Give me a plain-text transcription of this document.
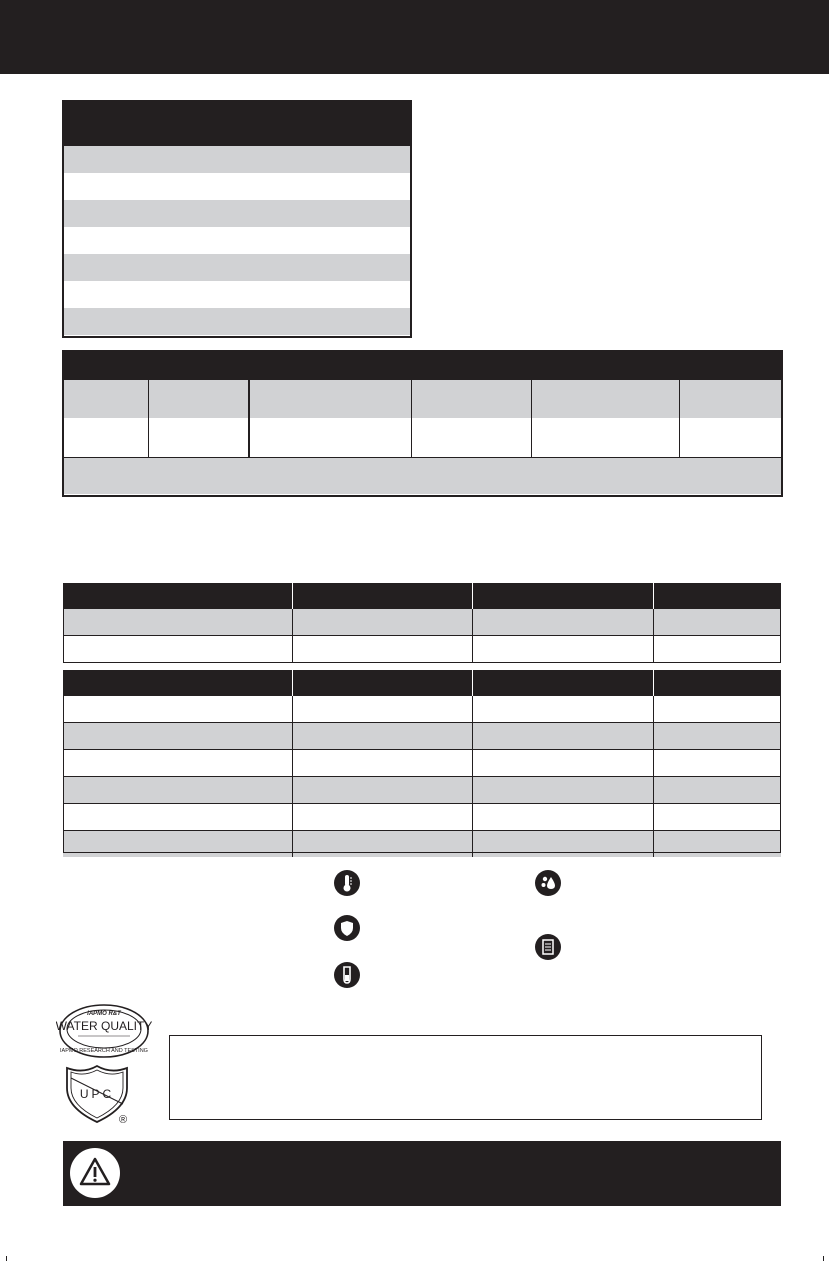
IAPMO R&T
WATER QUALITY
IAPMO RESEARCH AND TESTING
UPC
®
